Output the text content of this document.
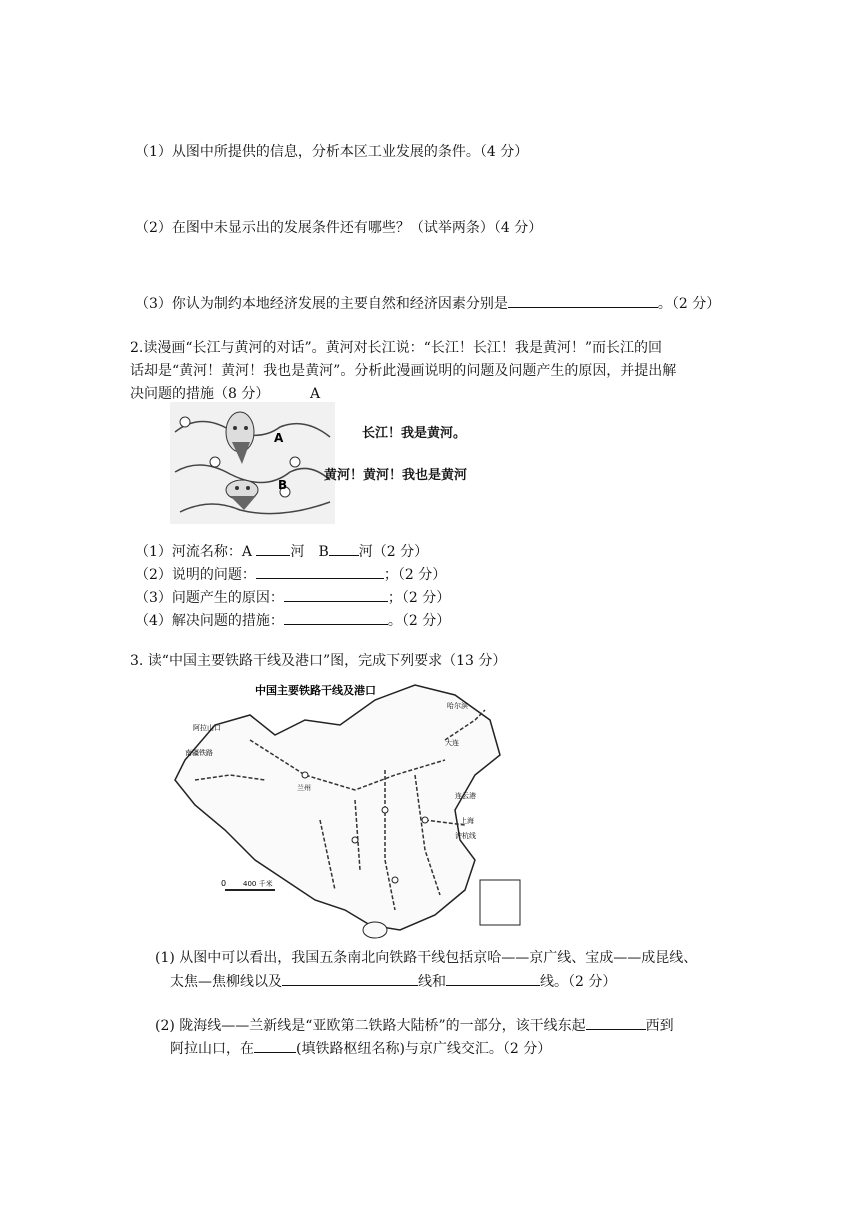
（1）从图中所提供的信息，分析本区工业发展的条件。（4 分）
（2）在图中未显示出的发展条件还有哪些？（试举两条）（4 分）
（3）你认为制约本地经济发展的主要自然和经济因素分别是	。（2 分）
2.读漫画“长江与黄河的对话”。黄河对长江说：“长江！长江！我是黄河！”而长江的回
话却是“黄河！黄河！我也是黄河”。分析此漫画说明的问题及问题产生的原因，并提出解
决问题的措施（8 分）	A
A
B
长江！我是黄河。
黄河！黄河！我也是黄河
（1）河流名称：A 河　B 河（2 分）
（2）说明的问题：	；（2 分）
（3）问题产生的原因：	；（2 分）
（4）解决问题的措施：	。（2 分）
3. 读“中国主要铁路干线及港口”图，完成下列要求（13 分）
中国主要铁路干线及港口
阿拉山口
南疆铁路
兰州
大连
哈尔滨
连云港
上海
沪杭线
0 400 千米
(1) 从图中可以看出，我国五条南北向铁路干线包括京哈——京广线、宝成——成昆线、
太焦—焦柳线以及	线和	线。（2 分）
(2) 陇海线——兰新线是“亚欧第二铁路大陆桥”的一部分，该干线东起	西到
阿拉山口，在	(填铁路枢纽名称)与京广线交汇。（2 分）
